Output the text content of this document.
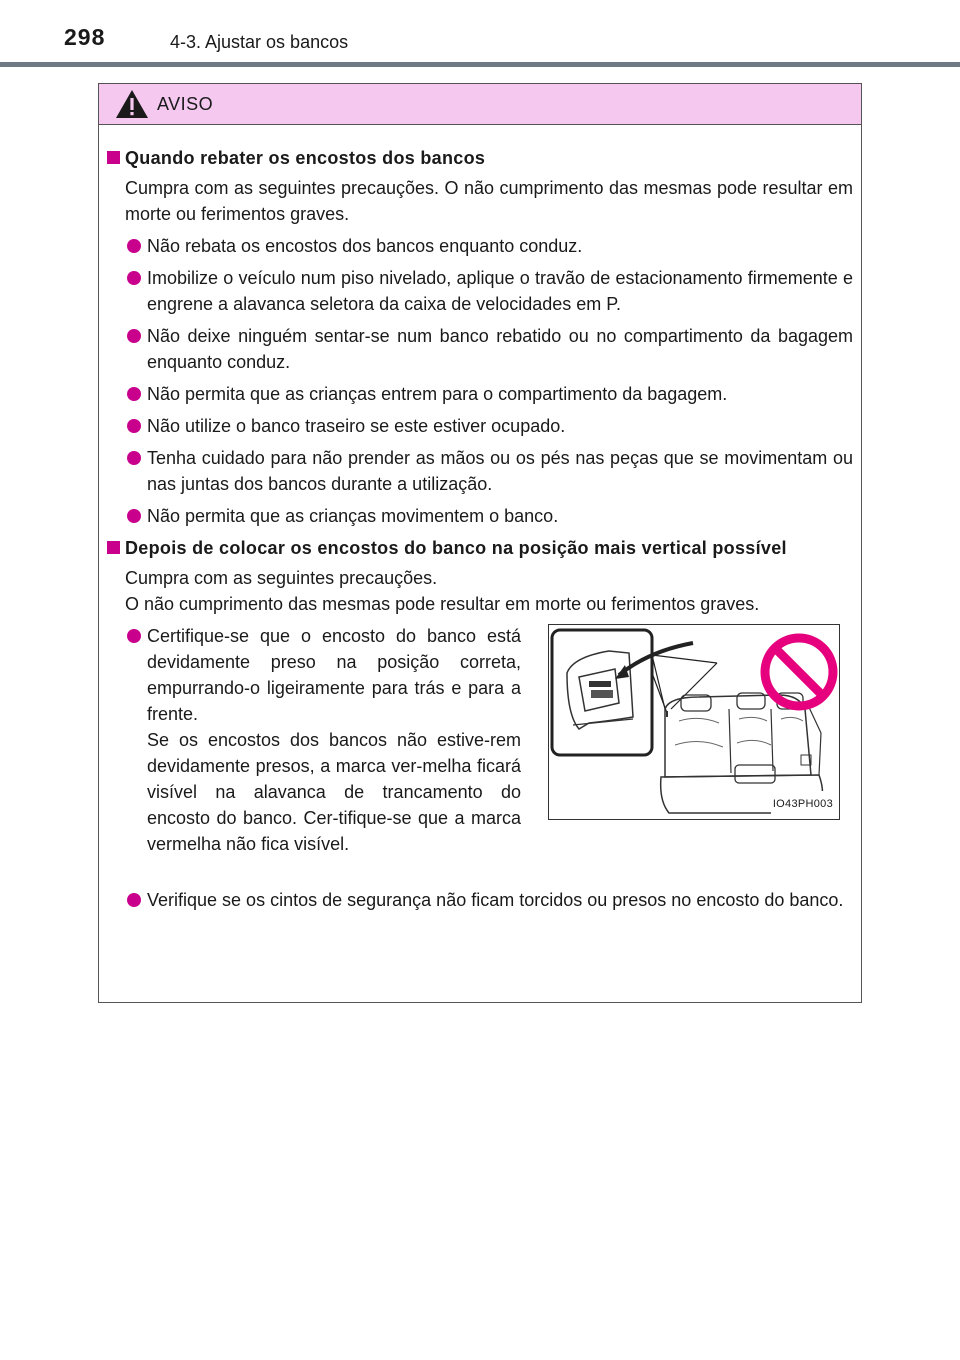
298	4-3. Ajustar os bancos
AVISO
Quando rebater os encostos dos bancos
Cumpra com as seguintes precauções. O não cumprimento das mesmas pode resultar em morte ou ferimentos graves.
Não rebata os encostos dos bancos enquanto conduz.
Imobilize o veículo num piso nivelado, aplique o travão de estacionamento firmemente e engrene a alavanca seletora da caixa de velocidades em P.
Não deixe ninguém sentar-se num banco rebatido ou no compartimento da bagagem enquanto conduz.
Não permita que as crianças entrem para o compartimento da bagagem.
Não utilize o banco traseiro se este estiver ocupado.
Tenha cuidado para não prender as mãos ou os pés nas peças que se movimentam ou nas juntas dos bancos durante a utilização.
Não permita que as crianças movimentem o banco.
Depois de colocar os encostos do banco na posição mais vertical possível
Cumpra com as seguintes precauções.
O não cumprimento das mesmas pode resultar em morte ou ferimentos graves.
Certifique-se que o encosto do banco está devidamente preso na posição correta, empurrando-o ligeiramente para trás e para a frente.
Se os encostos dos bancos não estive-rem devidamente presos, a marca ver-melha ficará visível na alavanca de trancamento do encosto do banco. Cer-tifique-se que a marca vermelha não fica visível.
IO43PH003
Verifique se os cintos de segurança não ficam torcidos ou presos no encosto do banco.
